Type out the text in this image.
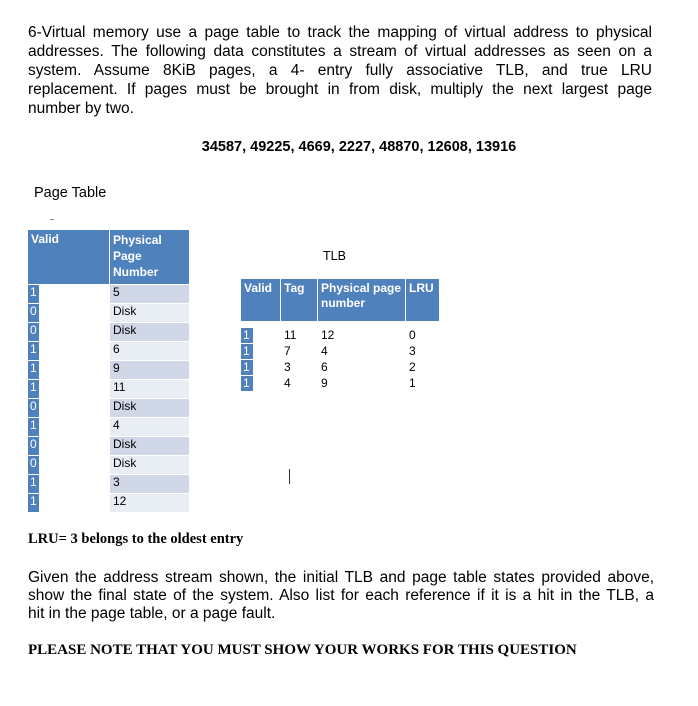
6-Virtual memory use a page table to track the mapping of virtual address to physical
addresses. The following data constitutes a stream of virtual addresses as seen on a
system. Assume 8KiB pages, a 4- entry fully associative TLB, and true LRU
replacement. If pages must be brought in from disk, multiply the next largest page
number by two.
34587, 49225, 4669, 2227, 48870, 12608, 13916
Page Table
Valid	Physical Page Number

1	5

0	Disk

0	Disk

1	6

1	9

1	11

0	Disk

1	4

0	Disk

0	Disk

1	3

1	12
TLB
Valid	Tag	Physical page number	LRU

1	11	12	0

1	7	4	3

1	3	6	2

1	4	9	1
LRU= 3 belongs to the oldest entry
Given the address stream shown, the initial TLB and page table states provided above,
show the final state of the system. Also list for each reference if it is a hit in the TLB, a
hit in the page table, or a page fault.
PLEASE NOTE THAT YOU MUST SHOW YOUR WORKS FOR THIS QUESTION
